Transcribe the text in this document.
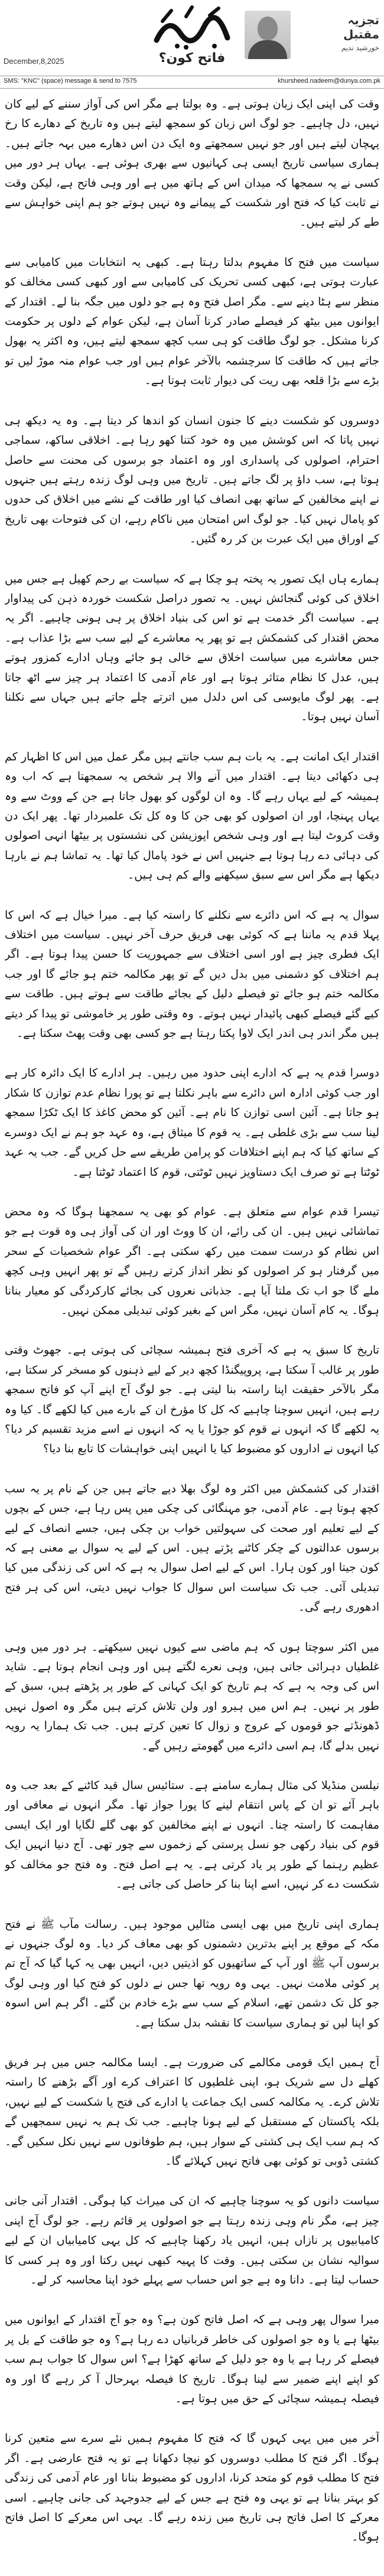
December,8,2025	فاتح کون؟
تجزیہ
مقتبل
خورشید ندیم
SMS: "KNC" (space) message & send to 7575	khursheed.nadeem@dunya.com.pk

وقت کی اپنی ایک زبان ہوتی ہے۔ وہ بولتا ہے مگر اس کی آواز سننے کے لیے کان نہیں، دل چاہیے۔ جو لوگ اس زبان کو سمجھ لیتے ہیں وہ تاریخ کے دھارے کا رخ پہچان لیتے ہیں اور جو نہیں سمجھتے وہ ایک دن اس دھارے میں بہہ جاتے ہیں۔ ہماری سیاسی تاریخ ایسی ہی کہانیوں سے بھری ہوئی ہے۔ یہاں ہر دور میں کسی نے یہ سمجھا کہ میدان اس کے ہاتھ میں ہے اور وہی فاتح ہے، لیکن وقت نے ثابت کیا کہ فتح اور شکست کے پیمانے وہ نہیں ہوتے جو ہم اپنی خواہش سے طے کر لیتے ہیں۔

سیاست میں فتح کا مفہوم بدلتا رہتا ہے۔ کبھی یہ انتخابات میں کامیابی سے عبارت ہوتی ہے، کبھی کسی تحریک کی کامیابی سے اور کبھی کسی مخالف کو منظر سے ہٹا دینے سے۔ مگر اصل فتح وہ ہے جو دلوں میں جگہ بنا لے۔ اقتدار کے ایوانوں میں بیٹھ کر فیصلے صادر کرنا آسان ہے، لیکن عوام کے دلوں پر حکومت کرنا مشکل۔ جو لوگ طاقت کو ہی سب کچھ سمجھ لیتے ہیں، وہ اکثر یہ بھول جاتے ہیں کہ طاقت کا سرچشمہ بالآخر عوام ہیں اور جب عوام منہ موڑ لیں تو بڑے سے بڑا قلعہ بھی ریت کی دیوار ثابت ہوتا ہے۔

دوسروں کو شکست دینے کا جنون انسان کو اندھا کر دیتا ہے۔ وہ یہ دیکھ ہی نہیں پاتا کہ اس کوشش میں وہ خود کتنا کھو رہا ہے۔ اخلاقی ساکھ، سماجی احترام، اصولوں کی پاسداری اور وہ اعتماد جو برسوں کی محنت سے حاصل ہوتا ہے، سب داؤ پر لگ جاتے ہیں۔ تاریخ میں وہی لوگ زندہ رہتے ہیں جنہوں نے اپنے مخالفین کے ساتھ بھی انصاف کیا اور طاقت کے نشے میں اخلاق کی حدوں کو پامال نہیں کیا۔ جو لوگ اس امتحان میں ناکام رہے، ان کی فتوحات بھی تاریخ کے اوراق میں ایک عبرت بن کر رہ گئیں۔

ہمارے ہاں ایک تصور یہ پختہ ہو چکا ہے کہ سیاست بے رحم کھیل ہے جس میں اخلاق کی کوئی گنجائش نہیں۔ یہ تصور دراصل شکست خوردہ ذہن کی پیداوار ہے۔ سیاست اگر خدمت ہے تو اس کی بنیاد اخلاق پر ہی ہونی چاہیے۔ اگر یہ محض اقتدار کی کشمکش ہے تو پھر یہ معاشرے کے لیے سب سے بڑا عذاب ہے۔ جس معاشرے میں سیاست اخلاق سے خالی ہو جائے وہاں ادارے کمزور ہوتے ہیں، عدل کا نظام متاثر ہوتا ہے اور عام آدمی کا اعتماد ہر چیز سے اٹھ جاتا ہے۔ پھر لوگ مایوسی کی اس دلدل میں اترتے چلے جاتے ہیں جہاں سے نکلنا آسان نہیں ہوتا۔

اقتدار ایک امانت ہے۔ یہ بات ہم سب جانتے ہیں مگر عمل میں اس کا اظہار کم ہی دکھائی دیتا ہے۔ اقتدار میں آنے والا ہر شخص یہ سمجھتا ہے کہ اب وہ ہمیشہ کے لیے یہاں رہے گا۔ وہ ان لوگوں کو بھول جاتا ہے جن کے ووٹ سے وہ یہاں پہنچا، اور ان اصولوں کو بھی جن کا وہ کل تک علمبردار تھا۔ پھر ایک دن وقت کروٹ لیتا ہے اور وہی شخص اپوزیشن کی نشستوں پر بیٹھا انہی اصولوں کی دہائی دے رہا ہوتا ہے جنہیں اس نے خود پامال کیا تھا۔ یہ تماشا ہم نے بارہا دیکھا ہے مگر اس سے سبق سیکھنے والے کم ہی ہیں۔

سوال یہ ہے کہ اس دائرے سے نکلنے کا راستہ کیا ہے۔ میرا خیال ہے کہ اس کا پہلا قدم یہ ماننا ہے کہ کوئی بھی فریق حرف آخر نہیں۔ سیاست میں اختلاف ایک فطری چیز ہے اور اسی اختلاف سے جمہوریت کا حسن پیدا ہوتا ہے۔ اگر ہم اختلاف کو دشمنی میں بدل دیں گے تو پھر مکالمہ ختم ہو جائے گا اور جب مکالمہ ختم ہو جائے تو فیصلے دلیل کے بجائے طاقت سے ہوتے ہیں۔ طاقت سے کیے گئے فیصلے کبھی پائیدار نہیں ہوتے۔ وہ وقتی طور پر خاموشی تو پیدا کر دیتے ہیں مگر اندر ہی اندر ایک لاوا پکتا رہتا ہے جو کسی بھی وقت پھٹ سکتا ہے۔

دوسرا قدم یہ ہے کہ ادارے اپنی حدود میں رہیں۔ ہر ادارے کا ایک دائرہ کار ہے اور جب کوئی ادارہ اس دائرے سے باہر نکلتا ہے تو پورا نظام عدم توازن کا شکار ہو جاتا ہے۔ آئین اسی توازن کا نام ہے۔ آئین کو محض کاغذ کا ایک ٹکڑا سمجھ لینا سب سے بڑی غلطی ہے۔ یہ قوم کا میثاق ہے، وہ عہد جو ہم نے ایک دوسرے کے ساتھ کیا کہ ہم اپنے اختلافات کو پرامن طریقے سے حل کریں گے۔ جب یہ عہد ٹوٹتا ہے تو صرف ایک دستاویز نہیں ٹوٹتی، قوم کا اعتماد ٹوٹتا ہے۔

تیسرا قدم عوام سے متعلق ہے۔ عوام کو بھی یہ سمجھنا ہوگا کہ وہ محض تماشائی نہیں ہیں۔ ان کی رائے، ان کا ووٹ اور ان کی آواز ہی وہ قوت ہے جو اس نظام کو درست سمت میں رکھ سکتی ہے۔ اگر عوام شخصیات کے سحر میں گرفتار ہو کر اصولوں کو نظر انداز کرتے رہیں گے تو پھر انہیں وہی کچھ ملے گا جو اب تک ملتا آیا ہے۔ جذباتی نعروں کی بجائے کارکردگی کو معیار بنانا ہوگا۔ یہ کام آسان نہیں، مگر اس کے بغیر کوئی تبدیلی ممکن نہیں۔

تاریخ کا سبق یہ ہے کہ آخری فتح ہمیشہ سچائی کی ہوتی ہے۔ جھوٹ وقتی طور پر غالب آ سکتا ہے، پروپیگنڈا کچھ دیر کے لیے ذہنوں کو مسخر کر سکتا ہے، مگر بالآخر حقیقت اپنا راستہ بنا لیتی ہے۔ جو لوگ آج اپنے آپ کو فاتح سمجھ رہے ہیں، انہیں سوچنا چاہیے کہ کل کا مؤرخ ان کے بارے میں کیا لکھے گا۔ کیا وہ یہ لکھے گا کہ انہوں نے قوم کو جوڑا یا یہ کہ انہوں نے اسے مزید تقسیم کر دیا؟ کیا انہوں نے اداروں کو مضبوط کیا یا انہیں اپنی خواہشات کا تابع بنا دیا؟

اقتدار کی کشمکش میں اکثر وہ لوگ بھلا دیے جاتے ہیں جن کے نام پر یہ سب کچھ ہوتا ہے۔ عام آدمی، جو مہنگائی کی چکی میں پس رہا ہے، جس کے بچوں کے لیے تعلیم اور صحت کی سہولتیں خواب بن چکی ہیں، جسے انصاف کے لیے برسوں عدالتوں کے چکر کاٹنے پڑتے ہیں۔ اس کے لیے یہ سوال بے معنی ہے کہ کون جیتا اور کون ہارا۔ اس کے لیے اصل سوال یہ ہے کہ اس کی زندگی میں کیا تبدیلی آئی۔ جب تک سیاست اس سوال کا جواب نہیں دیتی، اس کی ہر فتح ادھوری رہے گی۔

میں اکثر سوچتا ہوں کہ ہم ماضی سے کیوں نہیں سیکھتے۔ ہر دور میں وہی غلطیاں دہرائی جاتی ہیں، وہی نعرے لگتے ہیں اور وہی انجام ہوتا ہے۔ شاید اس کی وجہ یہ ہے کہ ہم تاریخ کو ایک کہانی کے طور پر پڑھتے ہیں، سبق کے طور پر نہیں۔ ہم اس میں ہیرو اور ولن تلاش کرتے ہیں مگر وہ اصول نہیں ڈھونڈتے جو قوموں کے عروج و زوال کا تعین کرتے ہیں۔ جب تک ہمارا یہ رویہ نہیں بدلے گا، ہم اسی دائرے میں گھومتے رہیں گے۔

نیلسن منڈیلا کی مثال ہمارے سامنے ہے۔ ستائیس سال قید کاٹنے کے بعد جب وہ باہر آئے تو ان کے پاس انتقام لینے کا پورا جواز تھا۔ مگر انہوں نے معافی اور مفاہمت کا راستہ چنا۔ انہوں نے اپنے مخالفین کو بھی گلے لگایا اور ایک ایسی قوم کی بنیاد رکھی جو نسل پرستی کے زخموں سے چور تھی۔ آج دنیا انہیں ایک عظیم رہنما کے طور پر یاد کرتی ہے۔ یہ ہے اصل فتح۔ وہ فتح جو مخالف کو شکست دے کر نہیں، اسے اپنا بنا کر حاصل کی جاتی ہے۔

ہماری اپنی تاریخ میں بھی ایسی مثالیں موجود ہیں۔ رسالت مآب ﷺ نے فتح مکہ کے موقع پر اپنے بدترین دشمنوں کو بھی معاف کر دیا۔ وہ لوگ جنہوں نے برسوں آپ ﷺ اور آپ کے ساتھیوں کو اذیتیں دیں، انہیں بھی یہ کہا گیا کہ آج تم پر کوئی ملامت نہیں۔ یہی وہ رویہ تھا جس نے دلوں کو فتح کیا اور وہی لوگ جو کل تک دشمن تھے، اسلام کے سب سے بڑے خادم بن گئے۔ اگر ہم اس اسوہ کو اپنا لیں تو ہماری سیاست کا نقشہ بدل سکتا ہے۔

آج ہمیں ایک قومی مکالمے کی ضرورت ہے۔ ایسا مکالمہ جس میں ہر فریق کھلے دل سے شریک ہو، اپنی غلطیوں کا اعتراف کرے اور آگے بڑھنے کا راستہ تلاش کرے۔ یہ مکالمہ کسی ایک جماعت یا ادارے کی فتح یا شکست کے لیے نہیں، بلکہ پاکستان کے مستقبل کے لیے ہونا چاہیے۔ جب تک ہم یہ نہیں سمجھیں گے کہ ہم سب ایک ہی کشتی کے سوار ہیں، ہم طوفانوں سے نہیں نکل سکیں گے۔ کشتی ڈوبی تو کوئی بھی فاتح نہیں کہلائے گا۔

سیاست دانوں کو یہ سوچنا چاہیے کہ ان کی میراث کیا ہوگی۔ اقتدار آنی جانی چیز ہے، مگر نام وہی زندہ رہتا ہے جو اصولوں پر قائم رہے۔ جو لوگ آج اپنی کامیابیوں پر نازاں ہیں، انہیں یاد رکھنا چاہیے کہ کل یہی کامیابیاں ان کے لیے سوالیہ نشان بن سکتی ہیں۔ وقت کا پہیہ کبھی نہیں رکتا اور وہ ہر کسی کا حساب لیتا ہے۔ دانا وہ ہے جو اس حساب سے پہلے خود اپنا محاسبہ کر لے۔

میرا سوال پھر وہی ہے کہ اصل فاتح کون ہے؟ وہ جو آج اقتدار کے ایوانوں میں بیٹھا ہے یا وہ جو اصولوں کی خاطر قربانیاں دے رہا ہے؟ وہ جو طاقت کے بل پر فیصلے کر رہا ہے یا وہ جو دلیل کے ساتھ کھڑا ہے؟ اس سوال کا جواب ہم سب کو اپنے اپنے ضمیر سے لینا ہوگا۔ تاریخ کا فیصلہ بہرحال آ کر رہے گا اور وہ فیصلہ ہمیشہ سچائی کے حق میں ہوتا ہے۔

آخر میں میں یہی کہوں گا کہ فتح کا مفہوم ہمیں نئے سرے سے متعین کرنا ہوگا۔ اگر فتح کا مطلب دوسروں کو نیچا دکھانا ہے تو یہ فتح عارضی ہے۔ اگر فتح کا مطلب قوم کو متحد کرنا، اداروں کو مضبوط بنانا اور عام آدمی کی زندگی کو بہتر بنانا ہے تو یہی وہ فتح ہے جس کے لیے جدوجہد کی جانی چاہیے۔ اسی معرکے کا اصل فاتح ہی تاریخ میں زندہ رہے گا۔ یہی اس معرکے کا اصل فاتح ہوگا۔
